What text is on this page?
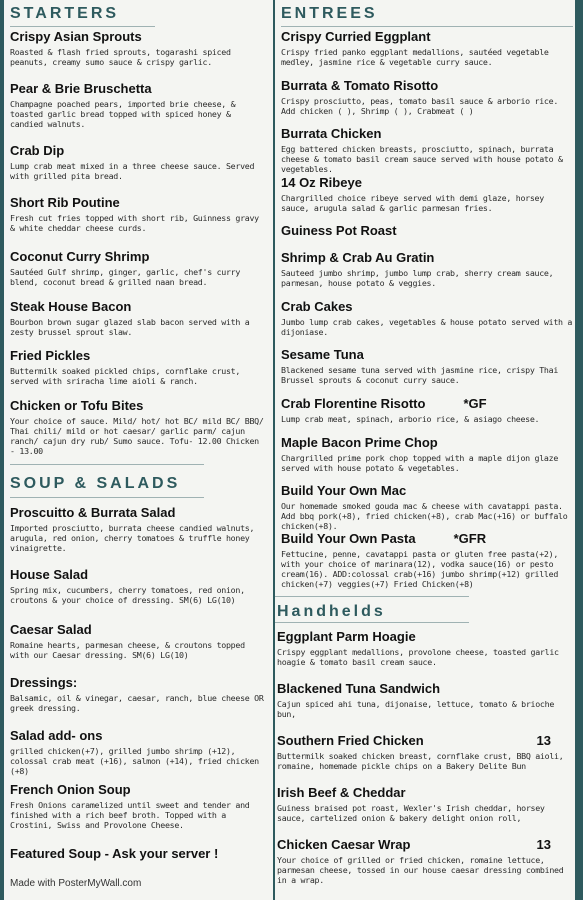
STARTERS
Crispy Asian Sprouts
Roasted & flash fried sprouts, togarashi spiced peanuts, creamy sumo sauce & crispy garlic.
Pear & Brie Bruschetta
Champagne poached pears, imported brie cheese, & toasted garlic bread topped with spiced honey & candied walnuts.
Crab Dip
Lump crab meat mixed in a three cheese sauce. Served with grilled pita bread.
Short Rib Poutine
Fresh cut fries topped with short rib, Guinness gravy & white cheddar cheese curds.
Coconut Curry Shrimp
Sautéed Gulf shrimp, ginger, garlic, chef's curry blend, coconut bread & grilled naan bread.
Steak House Bacon
Bourbon brown sugar glazed slab bacon served with a zesty brussel sprout slaw.
Fried Pickles
Buttermilk soaked pickled chips, cornflake crust, served with sriracha lime aioli & ranch.
Chicken or Tofu Bites
Your choice of sauce. Mild/ hot/ hot BC/ mild BC/ BBQ/ Thai chili/ mild or hot caesar/ garlic parm/ cajun ranch/ cajun dry rub/ Sumo sauce. Tofu- 12.00 Chicken - 13.00
SOUP & SALADS
Proscuitto & Burrata Salad
Imported prosciutto, burrata cheese candied walnuts, arugula, red onion, cherry tomatoes & truffle honey vinaigrette.
House Salad
Spring mix, cucumbers, cherry tomatoes, red onion, croutons & your choice of dressing. SM(6) LG(10)
Caesar Salad
Romaine hearts, parmesan cheese, & croutons topped with our Caesar dressing. SM(6) LG(10)
Dressings:
Balsamic, oil & vinegar, caesar, ranch, blue cheese OR greek dressing.
Salad add- ons
grilled chicken(+7), grilled jumbo shrimp (+12), colossal crab meat (+16), salmon (+14), fried chicken (+8)
French Onion Soup
Fresh Onions caramelized until sweet and tender and finished with a rich beef broth. Topped with a Crostini, Swiss and Provolone Cheese.
Featured Soup - Ask your server !
Made with PosterMyWall.com
ENTREES
Crispy Curried Eggplant
Crispy fried panko eggplant medallions, sautéed vegetable medley, jasmine rice & vegetable curry sauce.
Burrata & Tomato Risotto
Crispy prosciutto, peas, tomato basil sauce & arborio rice. Add chicken ( ), Shrimp ( ), Crabmeat ( )
Burrata Chicken
Egg battered chicken breasts, prosciutto, spinach, burrata cheese & tomato basil cream sauce served with house potato & vegetables.
14 Oz Ribeye
Chargrilled choice ribeye served with demi glaze, horsey sauce, arugula salad & garlic parmesan fries.
Guiness Pot Roast
Shrimp & Crab Au Gratin
Sauteed jumbo shrimp, jumbo lump crab, sherry cream sauce, parmesan, house potato & veggies.
Crab Cakes
Jumbo lump crab cakes, vegetables & house potato served with a dijoniase.
Sesame Tuna
Blackened sesame tuna served with jasmine rice, crispy Thai Brussel sprouts & coconut curry sauce.
Crab Florentine Risotto	*GF
Lump crab meat, spinach, arborio rice, & asiago cheese.
Maple Bacon Prime Chop
Chargrilled prime pork chop topped with a maple dijon glaze served with house potato & vegetables.
Build Your Own Mac
Our homemade smoked gouda mac & cheese with cavatappi pasta. Add bbq pork(+8), fried chicken(+8), crab Mac(+16) or buffalo chicken(+8).
Build Your Own Pasta	*GFR
Fettucine, penne, cavatappi pasta or gluten free pasta(+2), with your choice of marinara(12), vodka sauce(16) or pesto cream(16). ADD:colossal crab(+16) jumbo shrimp(+12) grilled chicken(+7) veggies(+7) Fried Chicken(+8)
Handhelds
Eggplant Parm Hoagie
Crispy eggplant medallions, provolone cheese, toasted garlic hoagie & tomato basil cream sauce.
Blackened Tuna Sandwich
Cajun spiced ahi tuna, dijonaise, lettuce, tomato & brioche bun,
Southern Fried Chicken	13
Buttermilk soaked chicken breast, cornflake crust, BBQ aioli, romaine, homemade pickle chips on a Bakery Delite Bun
Irish Beef & Cheddar
Guiness braised pot roast, Wexler's Irish cheddar, horsey sauce, cartelized onion & bakery delight onion roll,
Chicken Caesar Wrap	13
Your choice of grilled or fried chicken, romaine lettuce, parmesan cheese, tossed in our house caesar dressing combined in a wrap.
